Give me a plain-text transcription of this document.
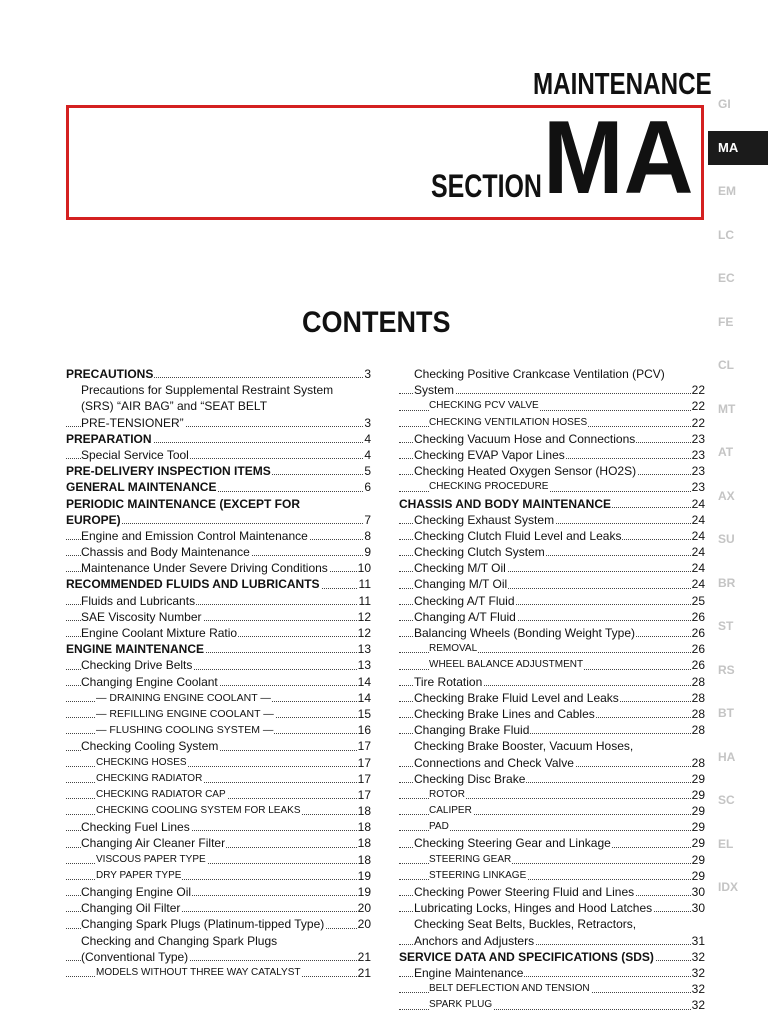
MAINTENANCE
SECTION MA
CONTENTS
GI
MA
EM
LC
EC
FE
CL
MT
AT
AX
SU
BR
ST
RS
BT
HA
SC
EL
IDX
PRECAUTIONS	3
Precautions for Supplemental Restraint System
(SRS) “AIR BAG” and “SEAT BELT
PRE-TENSIONER”	3
PREPARATION	4
Special Service Tool	4
PRE-DELIVERY INSPECTION ITEMS	5
GENERAL MAINTENANCE	6
PERIODIC MAINTENANCE (EXCEPT FOR
EUROPE)	7
Engine and Emission Control Maintenance	8
Chassis and Body Maintenance	9
Maintenance Under Severe Driving Conditions 10
RECOMMENDED FLUIDS AND LUBRICANTS	11
Fluids and Lubricants	11
SAE Viscosity Number	12
Engine Coolant Mixture Ratio	12
ENGINE MAINTENANCE	13
Checking Drive Belts	13
Changing Engine Coolant	14
— DRAINING ENGINE COOLANT —	14
— REFILLING ENGINE COOLANT —	15
— FLUSHING COOLING SYSTEM —	16
Checking Cooling System	17
CHECKING HOSES	17
CHECKING RADIATOR	17
CHECKING RADIATOR CAP	17
CHECKING COOLING SYSTEM FOR LEAKS	18
Checking Fuel Lines	18
Changing Air Cleaner Filter	18
VISCOUS PAPER TYPE	18
DRY PAPER TYPE	19
Changing Engine Oil	19
Changing Oil Filter	20
Changing Spark Plugs (Platinum-tipped Type)	20
Checking and Changing Spark Plugs
(Conventional Type)	21
MODELS WITHOUT THREE WAY CATALYST	21
Checking Positive Crankcase Ventilation (PCV)
System	22
CHECKING PCV VALVE	22
CHECKING VENTILATION HOSES	22
Checking Vacuum Hose and Connections	23
Checking EVAP Vapor Lines	23
Checking Heated Oxygen Sensor (HO2S)	23
CHECKING PROCEDURE	23
CHASSIS AND BODY MAINTENANCE	24
Checking Exhaust System	24
Checking Clutch Fluid Level and Leaks	24
Checking Clutch System	24
Checking M/T Oil	24
Changing M/T Oil	24
Checking A/T Fluid	25
Changing A/T Fluid	26
Balancing Wheels (Bonding Weight Type)	26
REMOVAL	26
WHEEL BALANCE ADJUSTMENT	26
Tire Rotation	28
Checking Brake Fluid Level and Leaks	28
Checking Brake Lines and Cables	28
Changing Brake Fluid	28
Checking Brake Booster, Vacuum Hoses,
Connections and Check Valve	28
Checking Disc Brake	29
ROTOR	29
CALIPER	29
PAD	29
Checking Steering Gear and Linkage	29
STEERING GEAR	29
STEERING LINKAGE	29
Checking Power Steering Fluid and Lines	30
Lubricating Locks, Hinges and Hood Latches	30
Checking Seat Belts, Buckles, Retractors,
Anchors and Adjusters	31
SERVICE DATA AND SPECIFICATIONS (SDS)	32
Engine Maintenance	32
BELT DEFLECTION AND TENSION	32
SPARK PLUG	32
